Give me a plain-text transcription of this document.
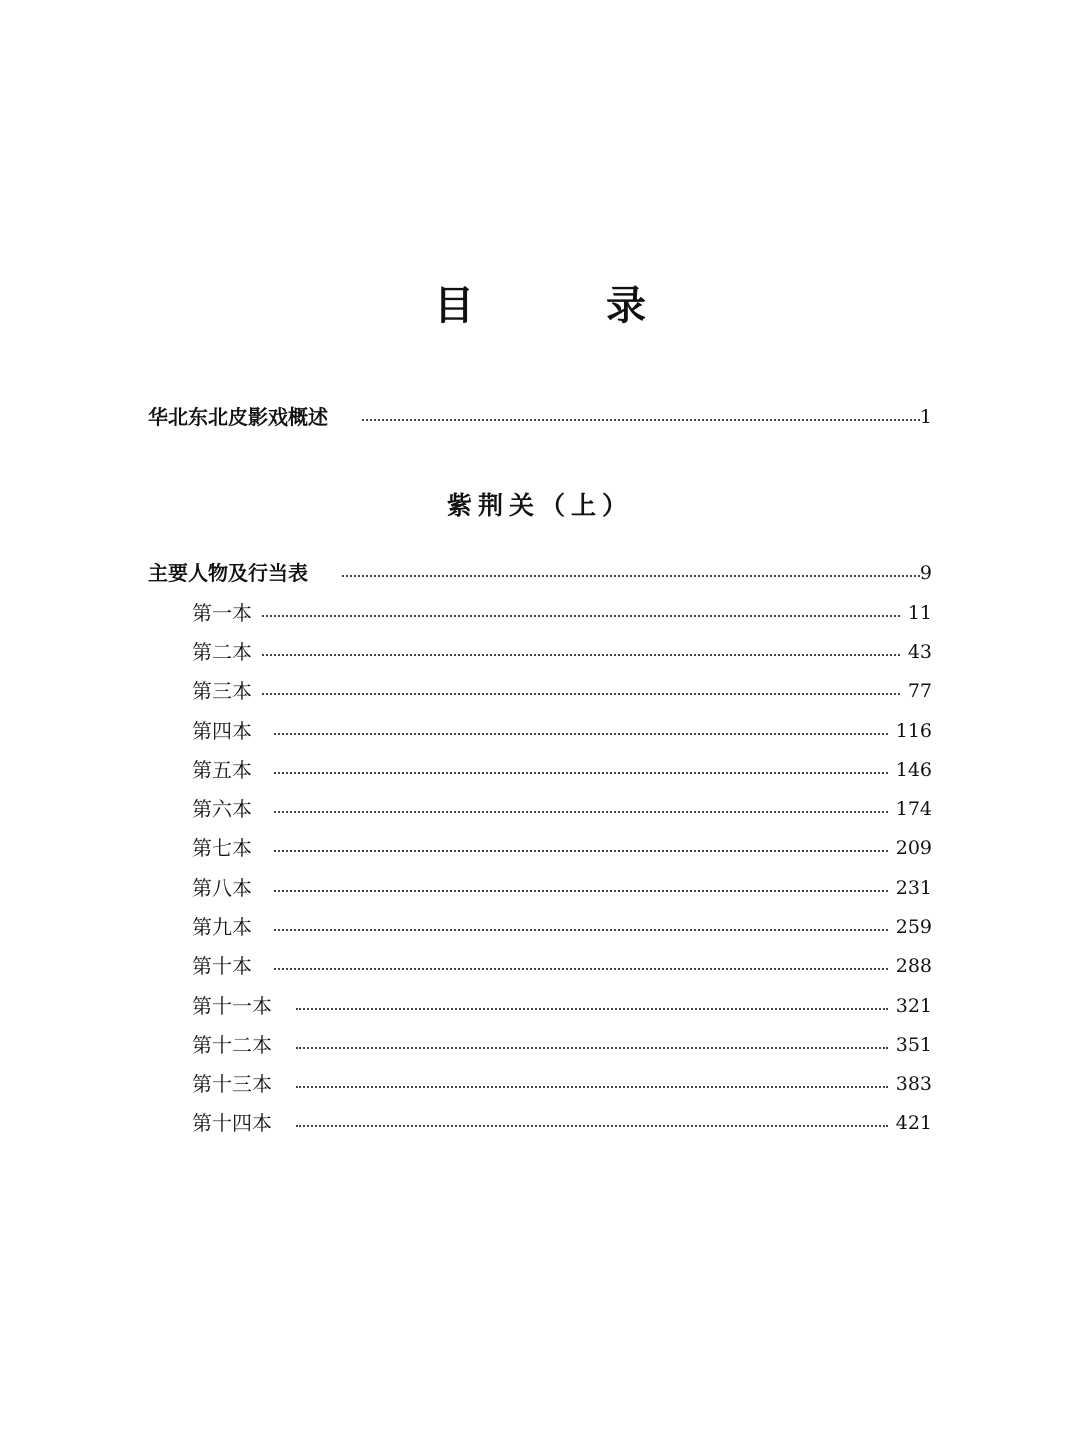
目　录
华北东北皮影戏概述	1
紫荆关（上）
主要人物及行当表	9
第一本	11
第二本	43
第三本	77
第四本	116
第五本	146
第六本	174
第七本	209
第八本	231
第九本	259
第十本	288
第十一本	321
第十二本	351
第十三本	383
第十四本	421
